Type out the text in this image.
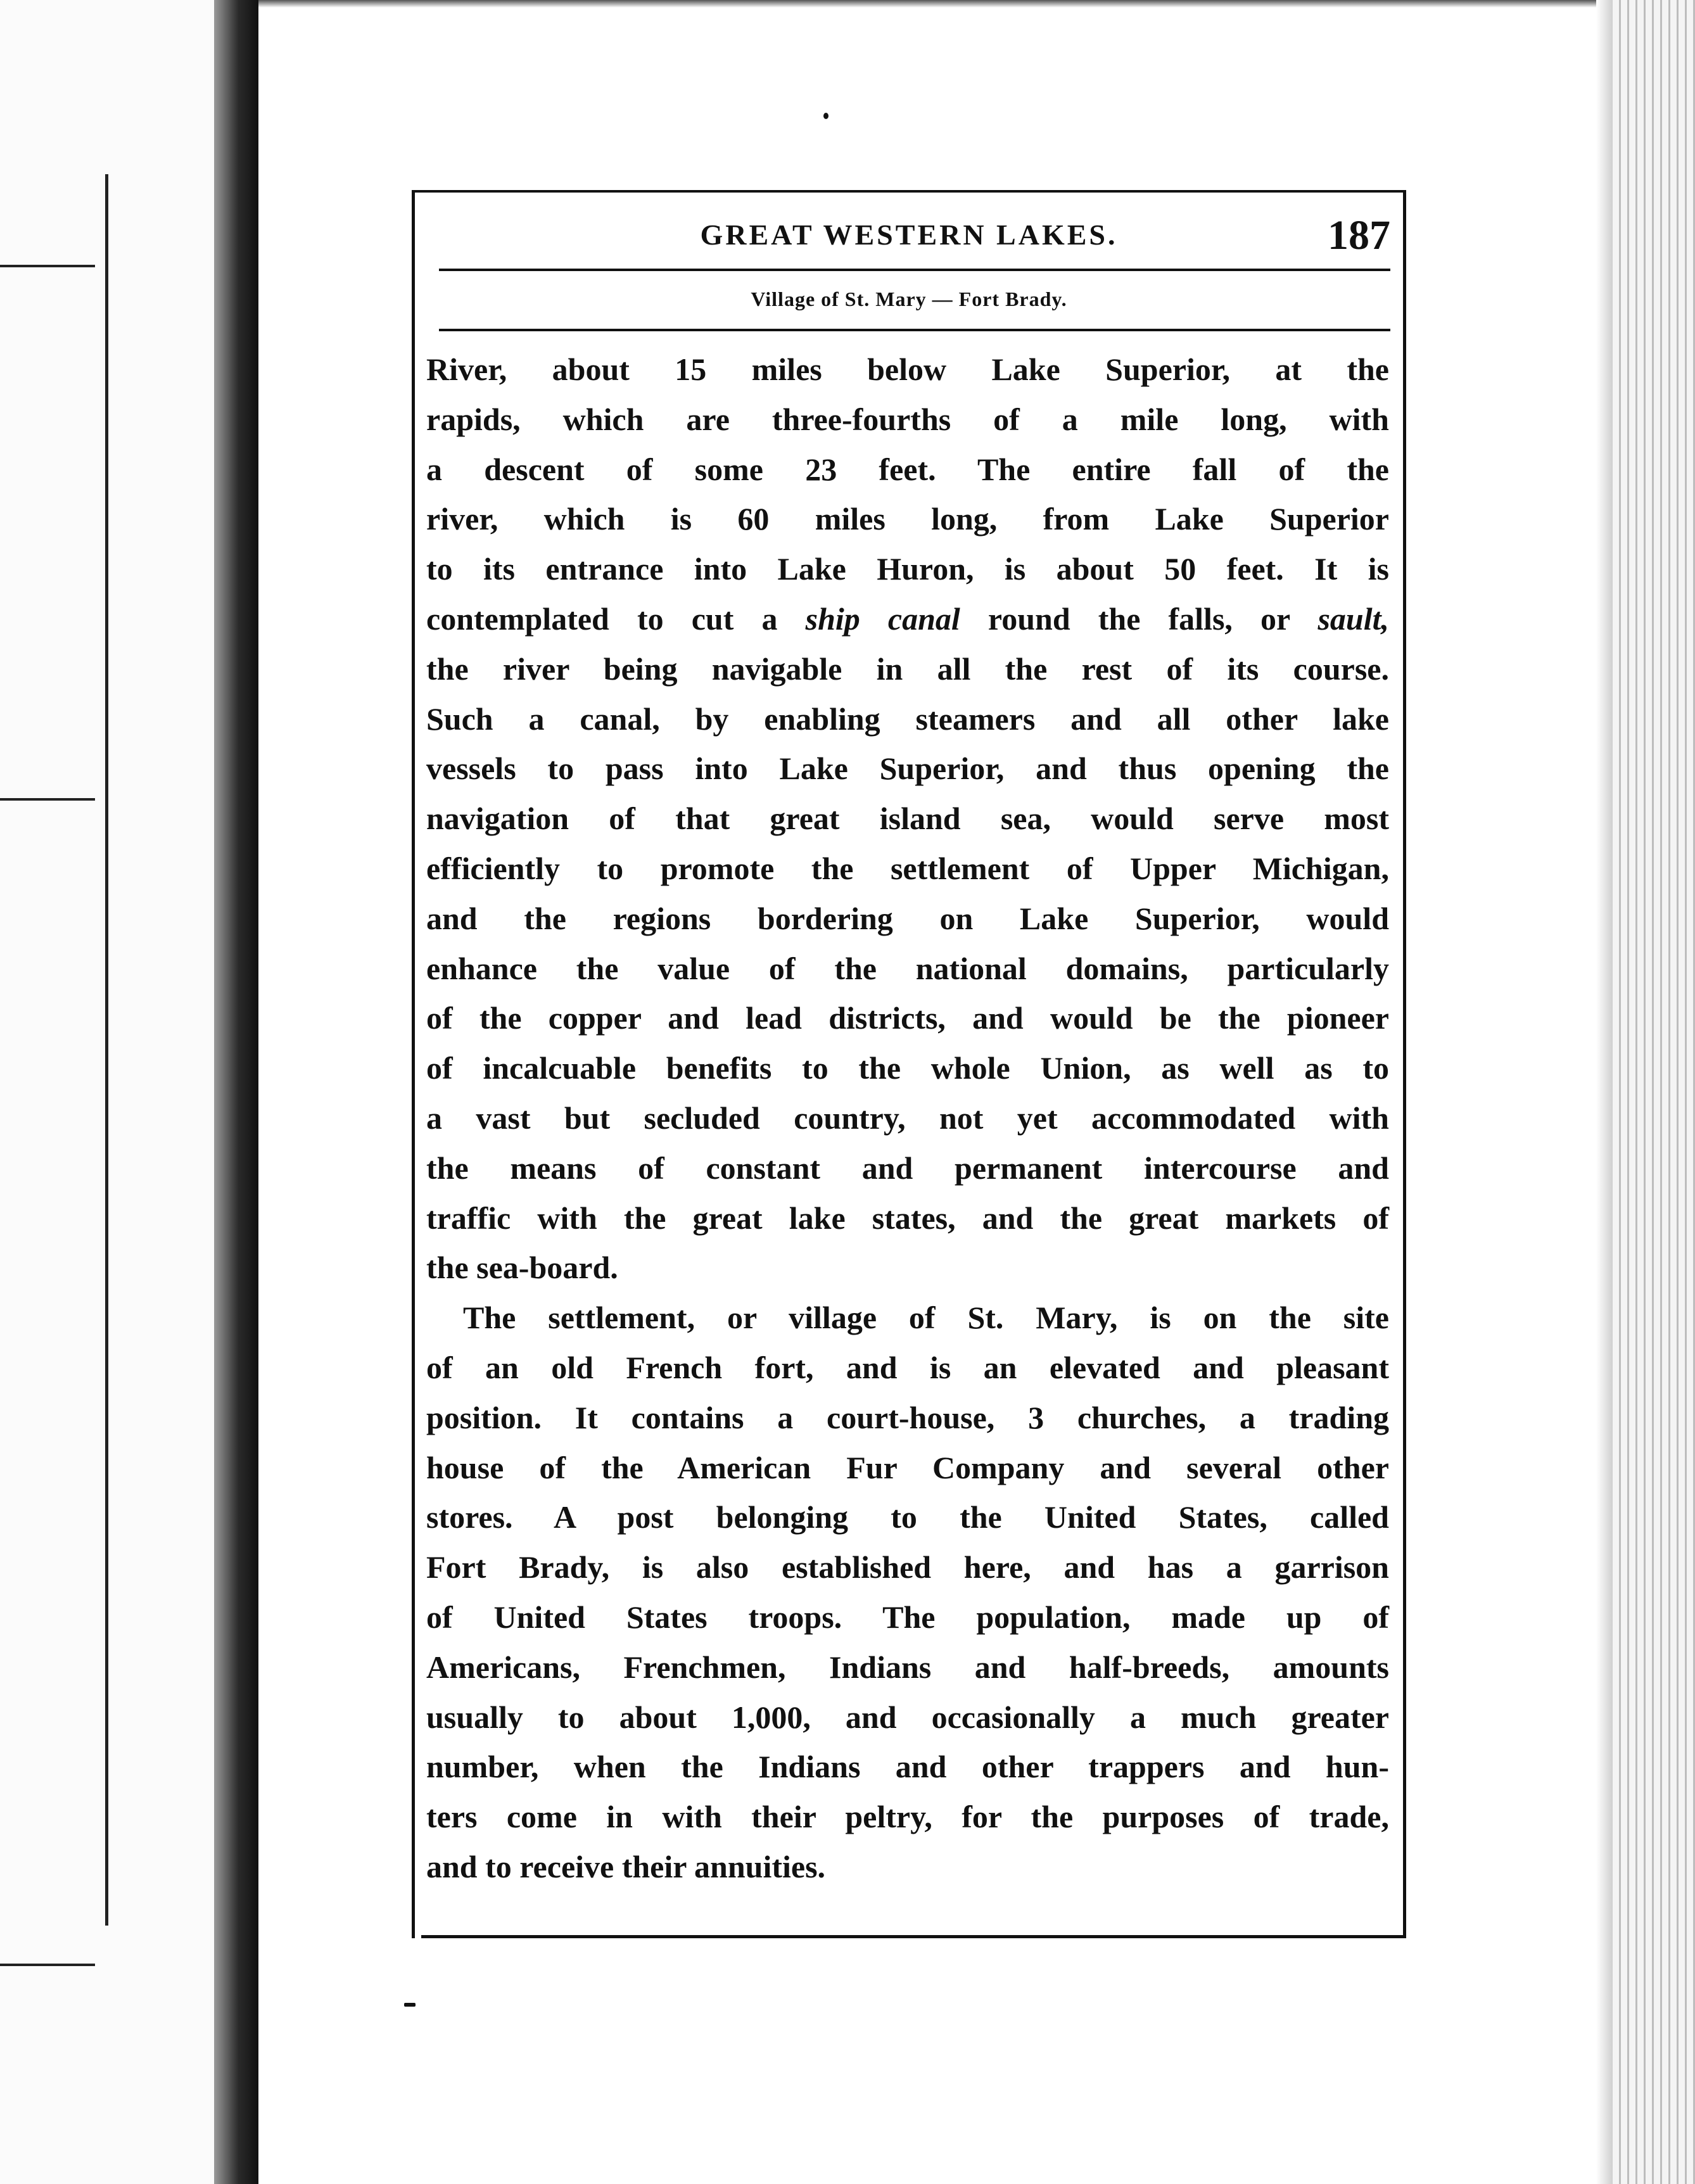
GREAT WESTERN LAKES.	187
Village of St. Mary — Fort Brady.
River, about 15 miles below Lake Superior, at the
rapids, which are three-fourths of a mile long, with
a descent of some 23 feet. The entire fall of the
river, which is 60 miles long, from Lake Superior
to its entrance into Lake Huron, is about 50 feet. It is
contemplated to cut a ship canal round the falls, or sault,
the river being navigable in all the rest of its course.
Such a canal, by enabling steamers and all other lake
vessels to pass into Lake Superior, and thus opening the
navigation of that great island sea, would serve most
efficiently to promote the settlement of Upper Michigan,
and the regions bordering on Lake Superior, would
enhance the value of the national domains, particularly
of the copper and lead districts, and would be the pioneer
of incalcuable benefits to the whole Union, as well as to
a vast but secluded country, not yet accommodated with
the means of constant and permanent intercourse and
traffic with the great lake states, and the great markets of
the sea-board.
The settlement, or village of St. Mary, is on the site
of an old French fort, and is an elevated and pleasant
position. It contains a court-house, 3 churches, a trading
house of the American Fur Company and several other
stores. A post belonging to the United States, called
Fort Brady, is also established here, and has a garrison
of United States troops. The population, made up of
Americans, Frenchmen, Indians and half-breeds, amounts
usually to about 1,000, and occasionally a much greater
number, when the Indians and other trappers and hun-
ters come in with their peltry, for the purposes of trade,
and to receive their annuities.
